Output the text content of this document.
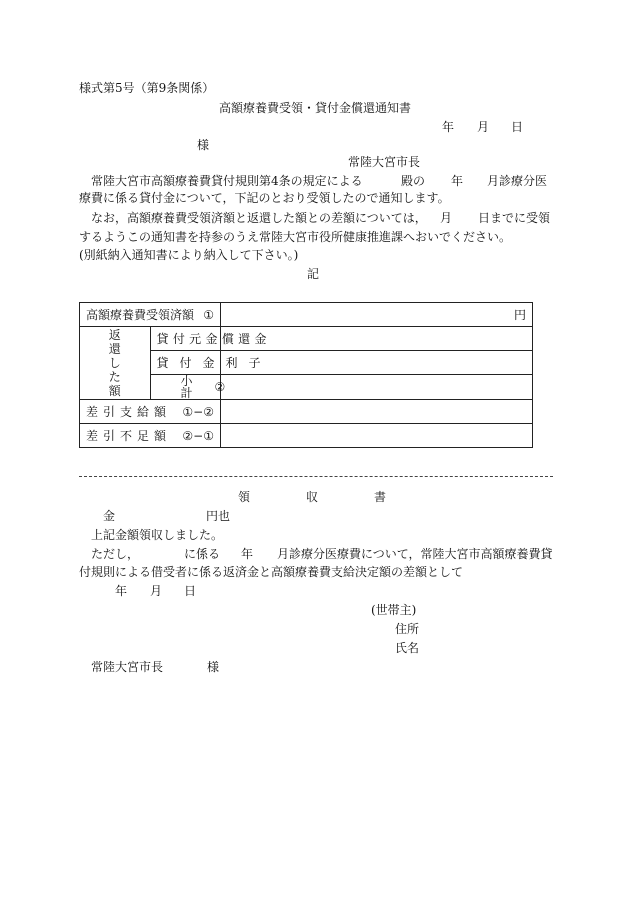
様式第5号（第9条関係）
高額療養費受領・貸付金償還通知書
年 月 日
様
常陸大宮市長
常陸大宮市高額療養費貸付規則第4条の規定による	殿の 年 月診療分医
療費に係る貸付金について，下記のとおり受領したので通知します。
なお，高額療養費受領済額と返還した額との差額については， 月 日までに受領
するようこの通知書を持参のうえ常陸大宮市役所健康推進課へおいでください。
(別紙納入通知書により納入して下さい。)
記
高額療養費受領済額 ①		円

返
還
し
た
額	貸付元金償還金	
	貸付金利子	

	小計 ②	

差引支給額 ①−②		

差引不足額 ②−①		

領	収	書
金	円也
上記金額領収しました。
ただし，	に係る 年 月診療分医療費について，常陸大宮市高額療養費貸
付規則による借受者に係る返済金と高額療養費支給決定額の差額として
年 月 日
(世帯主)
住所
氏名
常陸大宮市長	様
